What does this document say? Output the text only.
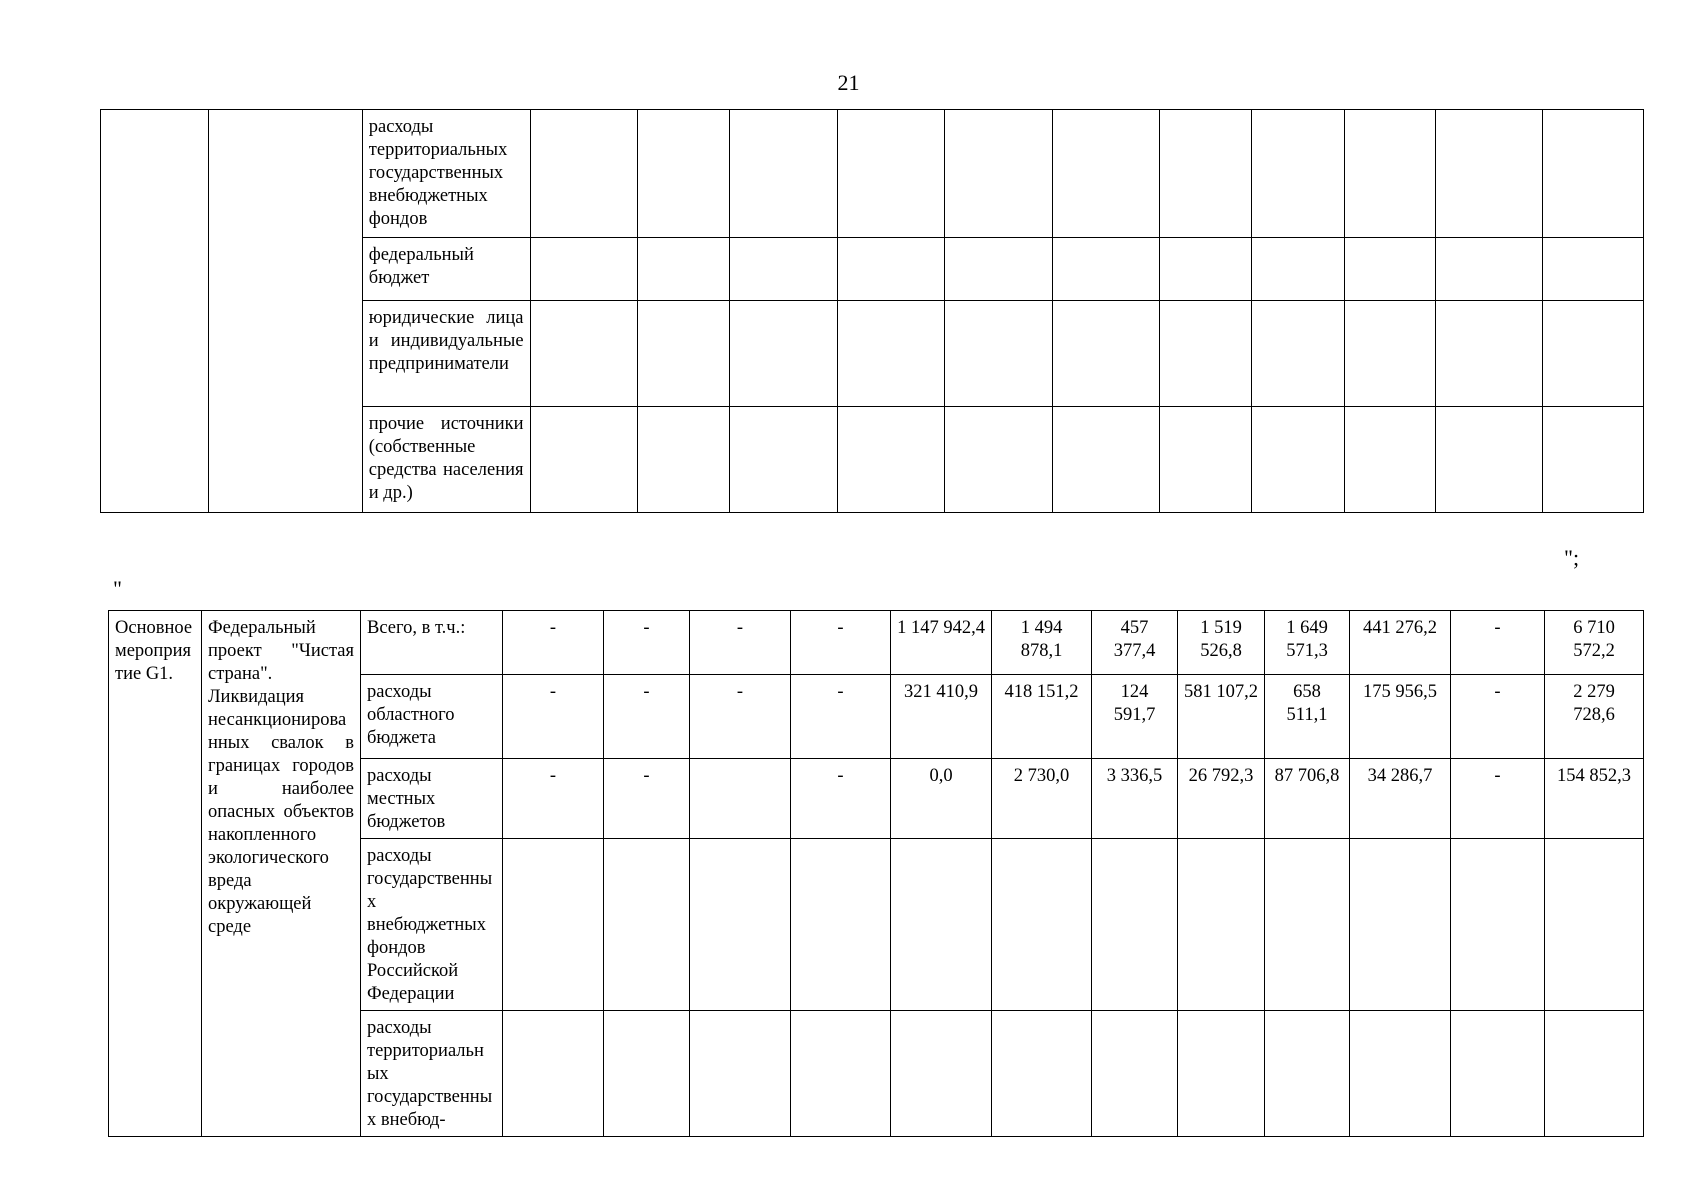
21
		расходы территориальных государственных внебюджетных фондов											
		федеральный бюджет											
		юридические лица и индивидуальные предприниматели											
		прочие источники (собственные средства населения и др.)											
";
"
Основное мероприятие G1.	Федеральный проект "Чистая страна". Ликвидация несанкционированных свалок в границах городов и наиболее опасных объектов накопленного экологического вреда окружающей среде	Всего, в т.ч.:	-	-	-	-	1 147 942,4	1 494 878,1	457 377,4	1 519 526,8	1 649 571,3	441 276,2	-	6 710 572,2
		расходы областного бюджета	-	-	-	-	321 410,9	418 151,2	124 591,7	581 107,2	658 511,1	175 956,5	-	2 279 728,6
		расходы местных бюджетов	-	-		-	0,0	2 730,0	3 336,5	26 792,3	87 706,8	34 286,7	-	154 852,3
		расходы государственных внебюджетных фондов Российской Федерации												
		расходы территориальных государственных внебюд-												
